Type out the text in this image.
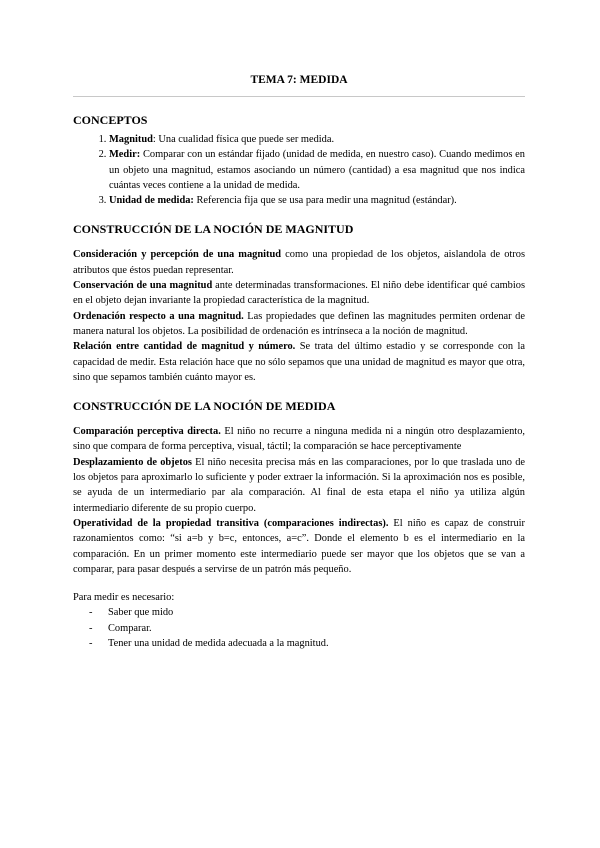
TEMA 7: MEDIDA
CONCEPTOS
1. Magnitud: Una cualidad física que puede ser medida.
2. Medir: Comparar con un estándar fijado (unidad de medida, en nuestro caso). Cuando medimos en un objeto una magnitud, estamos asociando un número (cantidad) a esa magnitud que nos indica cuántas veces contiene a la unidad de medida.
3. Unidad de medida: Referencia fija que se usa para medir una magnitud (estándar).
CONSTRUCCIÓN DE LA NOCIÓN DE MAGNITUD

Consideración y percepción de una magnitud como una propiedad de los objetos, aislandola de otros atributos que éstos puedan representar.

Conservación de una magnitud ante determinadas transformaciones. El niño debe identificar qué cambios en el objeto dejan invariante la propiedad característica de la magnitud.

Ordenación respecto a una magnitud. Las propiedades que definen las magnitudes permiten ordenar de manera natural los objetos. La posibilidad de ordenación es intrínseca a la noción de magnitud.

Relación entre cantidad de magnitud y número. Se trata del último estadio y se corresponde con la capacidad de medir. Esta relación hace que no sólo sepamos que una unidad de magnitud es mayor que otra, sino que sepamos también cuánto mayor es.

CONSTRUCCIÓN DE LA NOCIÓN DE MEDIDA

Comparación perceptiva directa. El niño no recurre a ninguna medida ni a ningún otro desplazamiento, sino que compara de forma perceptiva, visual, táctil; la comparación se hace perceptivamente

Desplazamiento de objetos El niño necesita precisa más en las comparaciones, por lo que traslada uno de los objetos para aproximarlo lo suficiente y poder extraer la información. Si la aproximación nos es posible, se ayuda de un intermediario par ala comparación. Al final de esta etapa el niño ya utiliza algún intermediario diferente de su propio cuerpo.

Operatividad de la propiedad transitiva (comparaciones indirectas). El niño es capaz de construir razonamientos como: “si a=b y b=c, entonces, a=c”. Donde el elemento b es el intermediario en la comparación. En un primer momento este intermediario puede ser mayor que los objetos que se van a comparar, para pasar después a servirse de un patrón más pequeño.

Para medir es necesario:

- Saber que mido
- Comparar.
- Tener una unidad de medida adecuada a la magnitud.
